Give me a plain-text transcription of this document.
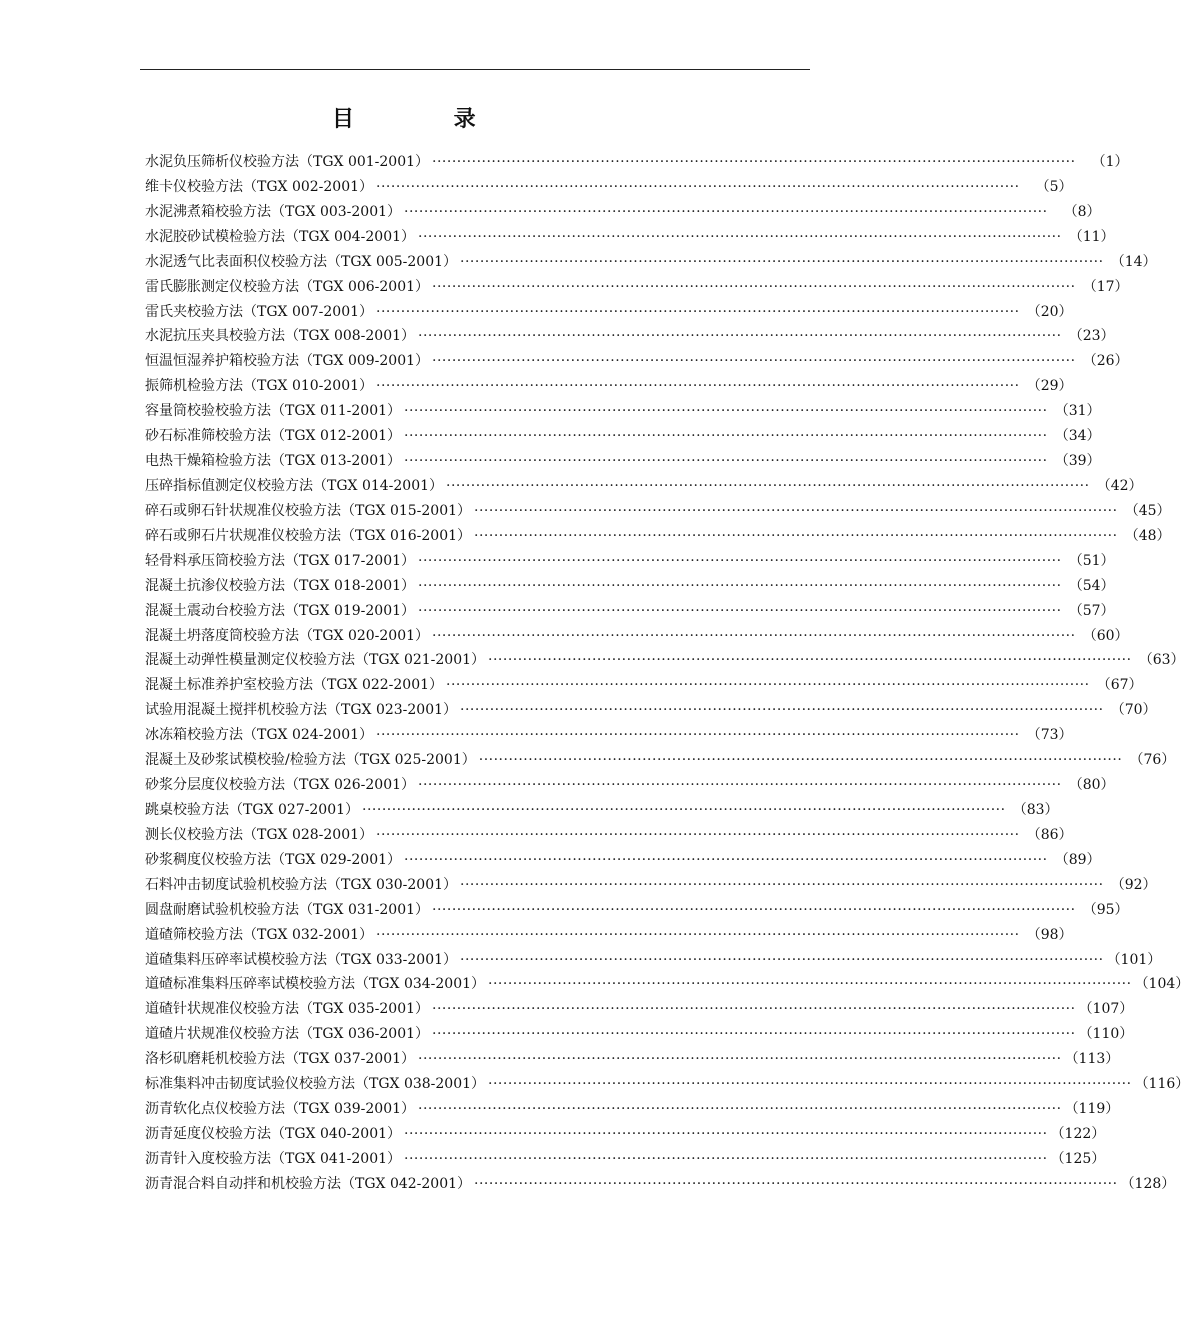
目 录
水泥负压筛析仪校验方法（TGX 001-2001） ··································································································································	（1）
维卡仪校验方法（TGX 002-2001） ··································································································································	（5）
水泥沸煮箱校验方法（TGX 003-2001） ··································································································································	（8）
水泥胶砂试模检验方法（TGX 004-2001） ·································································································································· （11）
水泥透气比表面积仪校验方法（TGX 005-2001） ·································································································································· （14）
雷氏膨胀测定仪校验方法（TGX 006-2001） ·································································································································· （17）
雷氏夹校验方法（TGX 007-2001） ·································································································································· （20）
水泥抗压夹具校验方法（TGX 008-2001） ·································································································································· （23）
恒温恒湿养护箱校验方法（TGX 009-2001） ·································································································································· （26）
振筛机检验方法（TGX 010-2001） ·································································································································· （29）
容量筒校验校验方法（TGX 011-2001） ·································································································································· （31）
砂石标准筛校验方法（TGX 012-2001） ·································································································································· （34）
电热干燥箱检验方法（TGX 013-2001） ·································································································································· （39）
压碎指标值测定仪校验方法（TGX 014-2001） ·································································································································· （42）
碎石或卵石针状规准仪校验方法（TGX 015-2001） ·································································································································· （45）
碎石或卵石片状规准仪校验方法（TGX 016-2001） ·································································································································· （48）
轻骨料承压筒校验方法（TGX 017-2001） ·································································································································· （51）
混凝土抗渗仪校验方法（TGX 018-2001） ·································································································································· （54）
混凝土震动台校验方法（TGX 019-2001） ·································································································································· （57）
混凝土坍落度筒校验方法（TGX 020-2001） ·································································································································· （60）
混凝土动弹性模量测定仪校验方法（TGX 021-2001） ·································································································································· （63）
混凝土标准养护室校验方法（TGX 022-2001） ·································································································································· （67）
试验用混凝土搅拌机校验方法（TGX 023-2001） ·································································································································· （70）
冰冻箱校验方法（TGX 024-2001） ·································································································································· （73）
混凝土及砂浆试模校验/检验方法（TGX 025-2001） ·································································································································· （76）
砂浆分层度仪校验方法（TGX 026-2001） ·································································································································· （80）
跳桌校验方法（TGX 027-2001） ·································································································································· （83）
测长仪校验方法（TGX 028-2001） ·································································································································· （86）
砂浆稠度仪校验方法（TGX 029-2001） ·································································································································· （89）
石料冲击韧度试验机校验方法（TGX 030-2001） ·································································································································· （92）
圆盘耐磨试验机校验方法（TGX 031-2001） ·································································································································· （95）
道碴筛校验方法（TGX 032-2001） ·································································································································· （98）
道碴集料压碎率试模校验方法（TGX 033-2001） ·································································································································· （101）
道碴标准集料压碎率试模校验方法（TGX 034-2001） ·································································································································· （104）
道碴针状规准仪校验方法（TGX 035-2001） ·································································································································· （107）
道碴片状规准仪校验方法（TGX 036-2001） ·································································································································· （110）
洛杉矶磨耗机校验方法（TGX 037-2001） ·································································································································· （113）
标准集料冲击韧度试验仪校验方法（TGX 038-2001） ·································································································································· （116）
沥青软化点仪校验方法（TGX 039-2001） ·································································································································· （119）
沥青延度仪校验方法（TGX 040-2001） ·································································································································· （122）
沥青针入度校验方法（TGX 041-2001） ·································································································································· （125）
沥青混合料自动拌和机校验方法（TGX 042-2001） ·································································································································· （128）
